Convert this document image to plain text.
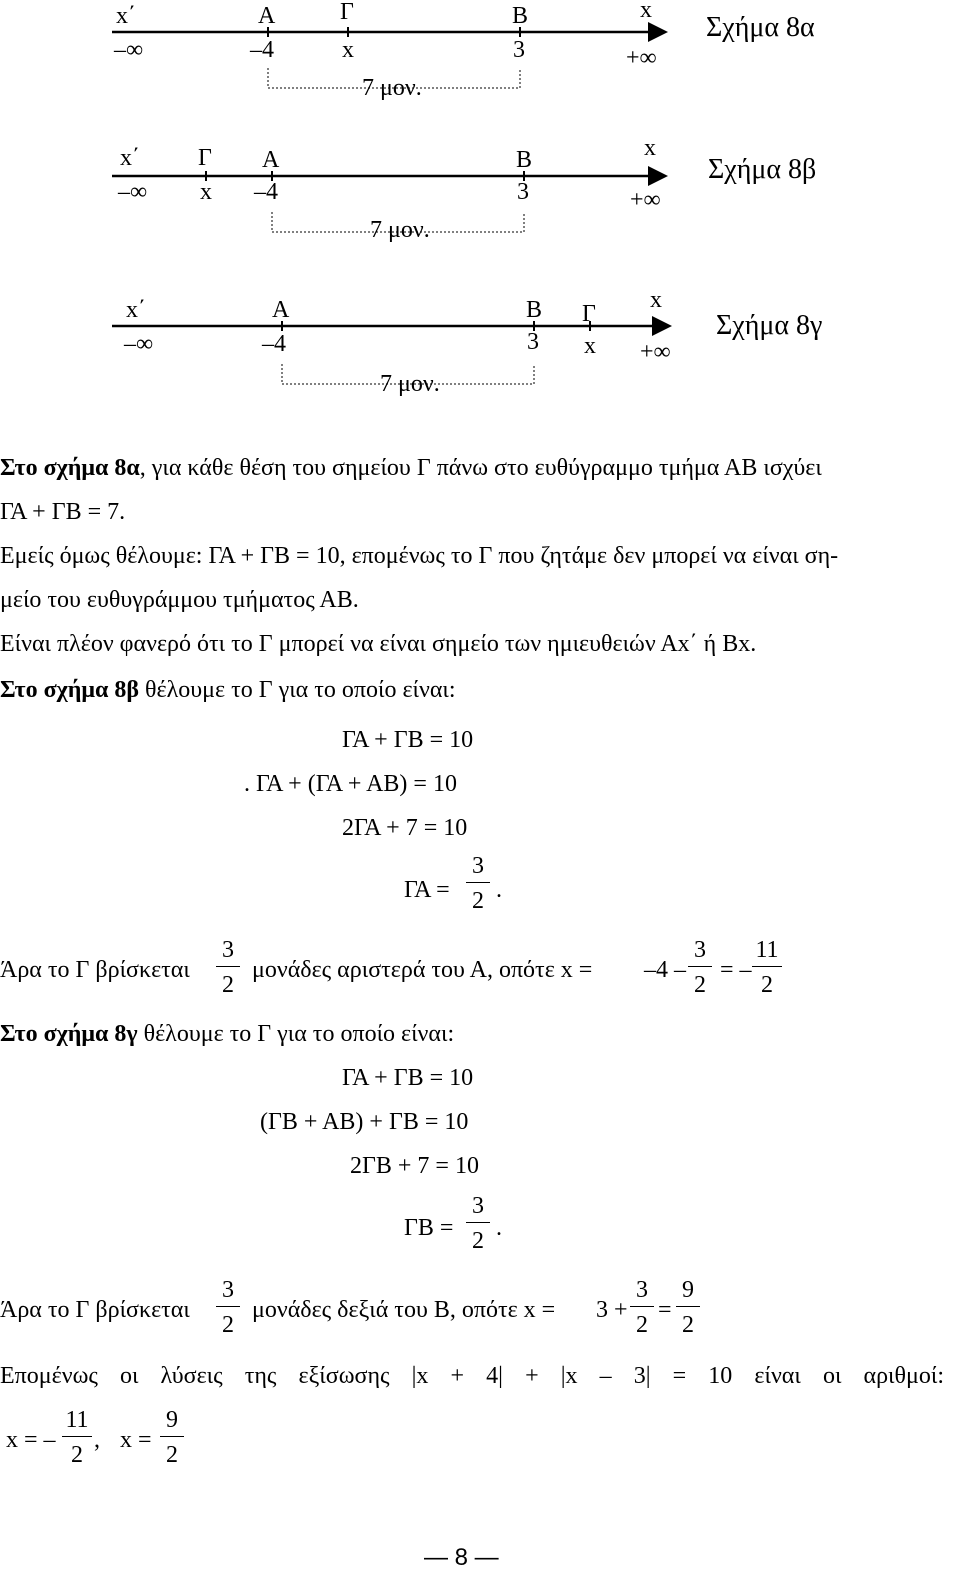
x΄	x
Α	Γ	Β
–∞	–4	x	3	+∞
7 μον.
Σχήμα 8α
x΄	x
Γ Α	Β
–∞ x –4	3	+∞
7 μον.
Σχήμα 8β
x΄	x
Α	Β Γ
–∞	–4	3 x +∞
7 μον.
Σχήμα 8γ
Στο σχήμα 8α, για κάθε θέση του σημείου Γ πάνω στο ευθύγραμμο τμήμα ΑΒ ισχύει
ΓΑ + ΓΒ = 7.
Εμείς όμως θέλουμε: ΓΑ + ΓΒ = 10, επομένως το Γ που ζητάμε δεν μπορεί να είναι ση-
μείο του ευθυγράμμου τμήματος ΑΒ.
Είναι πλέον φανερό ότι το Γ μπορεί να είναι σημείο των ημιευθειών Αx΄ ή Βx.
Στο σχήμα 8β θέλουμε το Γ για το οποίο είναι:
ΓΑ + ΓΒ = 10
. ΓΑ + (ΓΑ + ΑΒ) = 10
2ΓΑ + 7 = 10
ΓΑ =
3
2 .
Άρα το Γ βρίσκεται
3
2
μονάδες αριστερά του Α, οπότε x = –4 –
3
2
= –
11
2
Στο σχήμα 8γ θέλουμε το Γ για το οποίο είναι:
ΓΑ + ΓΒ = 10
(ΓΒ + ΑΒ) + ΓΒ = 10
2ΓΒ + 7 = 10
ΓΒ =
3
2 .
Άρα το Γ βρίσκεται
3
2
μονάδες δεξιά του Β, οπότε x = 3 +
3
2
=
9
2
Επομένως οι λύσεις της εξίσωσης |x + 4| + |x – 3| = 10 είναι οι αριθμοί:
x = –
11
2
, x =
9
2
— 8 —
